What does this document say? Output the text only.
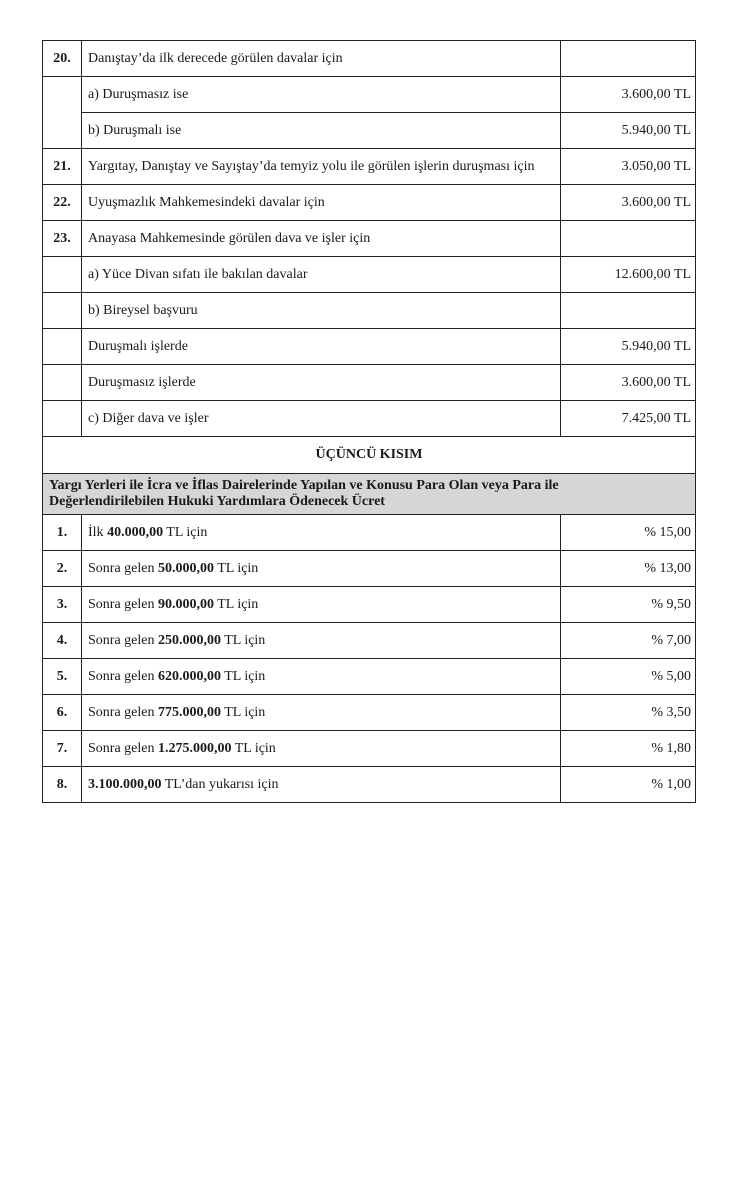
20.	Danıştay’da ilk derecede görülen davalar için	
	a) Duruşmasız ise	3.600,00 TL
	b) Duruşmalı ise	5.940,00 TL
21.	Yargıtay, Danıştay ve Sayıştay’da temyiz yolu ile görülen işlerin duruşması için	3.050,00 TL
22.	Uyuşmazlık Mahkemesindeki davalar için	3.600,00 TL
23.	Anayasa Mahkemesinde görülen dava ve işler için	
	a) Yüce Divan sıfatı ile bakılan davalar	12.600,00 TL
	b) Bireysel başvuru	
	Duruşmalı işlerde	5.940,00 TL
	Duruşmasız işlerde	3.600,00 TL
	c) Diğer dava ve işler	7.425,00 TL
ÜÇÜNCÜ KISIM		

Yargı Yerleri ile İcra ve İflas Dairelerinde Yapılan ve Konusu Para Olan veya Para ile
Değerlendirilebilen Hukuki Yardımlara Ödenecek Ücret		

1.	İlk 40.000,00 TL için	% 15,00
2.	Sonra gelen 50.000,00 TL için	% 13,00
3.	Sonra gelen 90.000,00 TL için	% 9,50
4.	Sonra gelen 250.000,00 TL için	% 7,00
5.	Sonra gelen 620.000,00 TL için	% 5,00
6.	Sonra gelen 775.000,00 TL için	% 3,50
7.	Sonra gelen 1.275.000,00 TL için	% 1,80
8.	3.100.000,00 TL’dan yukarısı için	% 1,00
